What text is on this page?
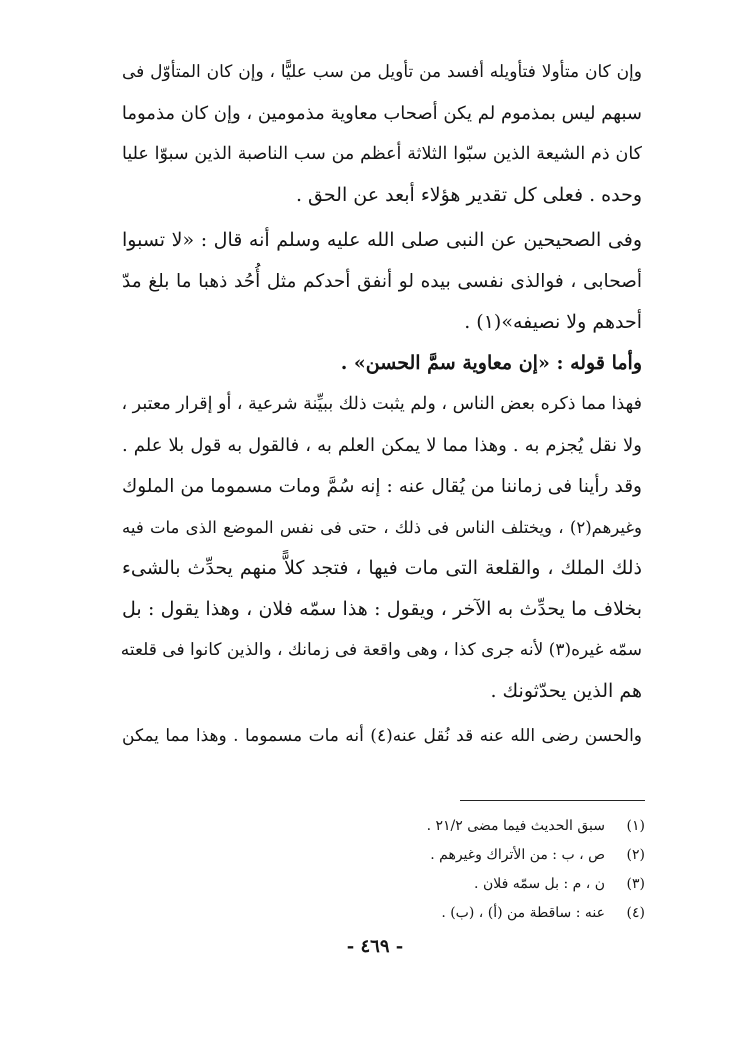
وإن كان متأولا فتأويله أفسد من تأويل من سب عليًّا ، وإن كان المتأوّل فى
سبهم ليس بمذموم لم يكن أصحاب معاوية مذمومين ، وإن كان مذموما
كان ذم الشيعة الذين سبّوا الثلاثة أعظم من سب الناصبة الذين سبوّا عليا
وحده . فعلى كل تقدير هؤلاء أبعد عن الحق .
وفى الصحيحين عن النبى صلى الله عليه وسلم أنه قال : «لا تسبوا
أصحابى ، فوالذى نفسى بيده لو أنفق أحدكم مثل أُحُد ذهبا ما بلغ مدّ
أحدهم ولا نصيفه»(١) .
وأما قوله : «إن معاوية سمَّ الحسن» .
فهذا مما ذكره بعض الناس ، ولم يثبت ذلك ببيِّنة شرعية ، أو إقرار معتبر ،
ولا نقل يُجزم به . وهذا مما لا يمكن العلم به ، فالقول به قول بلا علم .
وقد رأينا فى زماننا من يُقال عنه : إنه سُمَّ ومات مسموما من الملوك
وغيرهم(٢) ، ويختلف الناس فى ذلك ، حتى فى نفس الموضع الذى مات فيه
ذلك الملك ، والقلعة التى مات فيها ، فتجد كلاًّ منهم يحدِّث بالشىء
بخلاف ما يحدِّث به الآخر ، ويقول : هذا سمّه فلان ، وهذا يقول : بل
سمّه غيره(٣) لأنه جرى كذا ، وهى واقعة فى زمانك ، والذين كانوا فى قلعته
هم الذين يحدّثونك .
والحسن رضى الله عنه قد نُقل عنه(٤) أنه مات مسموما . وهذا مما يمكن
(١)
سبق الحديث فيما مضى ٢١/٢ .
(٢)
ص ، ب : من الأتراك وغيرهم .
(٣)
ن ، م : بل سمّه فلان .
(٤)
عنه : ساقطة من (أ) ، (ب) .
- ٤٦٩ -
